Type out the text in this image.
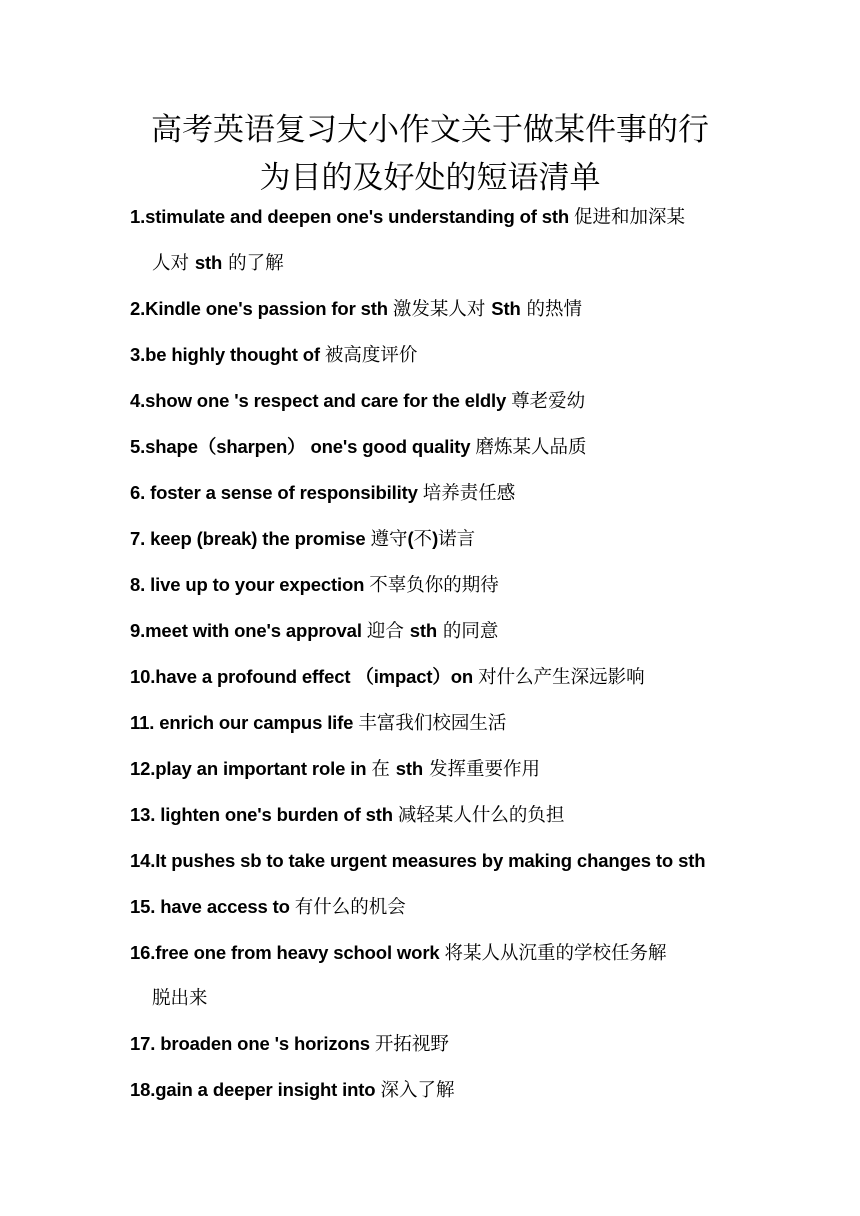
高考英语复习大小作文关于做某件事的行
为目的及好处的短语清单
1.stimulate and deepen one's understanding of sth 促进和加深某
人对 sth 的了解
2.Kindle one's passion for sth 激发某人对 Sth 的热情
3.be highly thought of 被高度评价
4.show one 's respect and care for the eldly 尊老爱幼
5.shape（sharpen） one's good quality 磨炼某人品质
6. foster a sense of responsibility 培养责任感
7. keep (break) the promise 遵守(不)诺言
8. live up to your expection 不辜负你的期待
9.meet with one's approval 迎合 sth 的同意
10.have a profound effect （impact）on 对什么产生深远影响
11. enrich our campus life 丰富我们校园生活
12.play an important role in 在 sth 发挥重要作用
13. lighten one's burden of sth 减轻某人什么的负担
14.It pushes sb to take urgent measures by making changes to sth
15. have access to 有什么的机会
16.free one from heavy school work 将某人从沉重的学校任务解
脱出来
17. broaden one 's horizons 开拓视野
18.gain a deeper insight into 深入了解
